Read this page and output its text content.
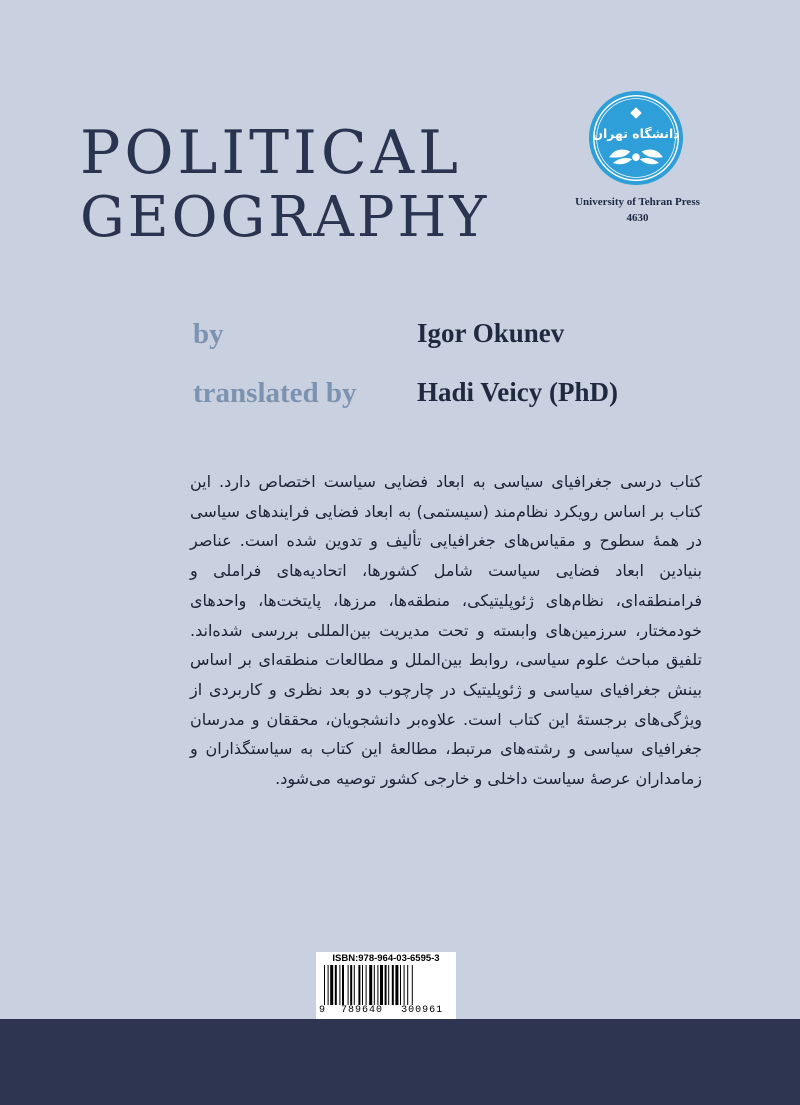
POLITICAL
GEOGRAPHY
دانشگاه تهران
University of Tehran Press
4630
by	Igor Okunev
translated by Hadi Veicy (PhD)
کتاب درسی جغرافیای سیاسی به ابعاد فضایی سیاست اختصاص دارد. این کتاب بر اساس رویکرد نظام‌مند (سیستمی) به ابعاد فضایی فرایندهای سیاسی در همهٔ سطوح و مقیاس‌های جغرافیایی تألیف و تدوین شده است. عناصر بنیادین ابعاد فضایی سیاست شامل کشورها، اتحادیه‌های فراملی و فرامنطقه‌ای، نظام‌های ژئوپلیتیکی، منطقه‌ها، مرزها، پایتخت‌ها، واحدهای خودمختار، سرزمین‌های وابسته و تحت مدیریت بین‌المللی بررسی شده‌اند. تلفیق مباحث علوم سیاسی، روابط بین‌الملل و مطالعات منطقه‌ای بر اساس بینش جغرافیای سیاسی و ژئوپلیتیک در چارچوب دو بعد نظری و کاربردی از ویژگی‌های برجستهٔ این کتاب است. علاوه‌بر دانشجویان، محققان و مدرسان جغرافیای سیاسی و رشته‌های مرتبط، مطالعهٔ این کتاب به سیاستگذاران و زمامداران عرصهٔ سیاست داخلی و خارجی کشور توصیه می‌شود.
ISBN:978-964-03-6595-3
9 789640 300961
